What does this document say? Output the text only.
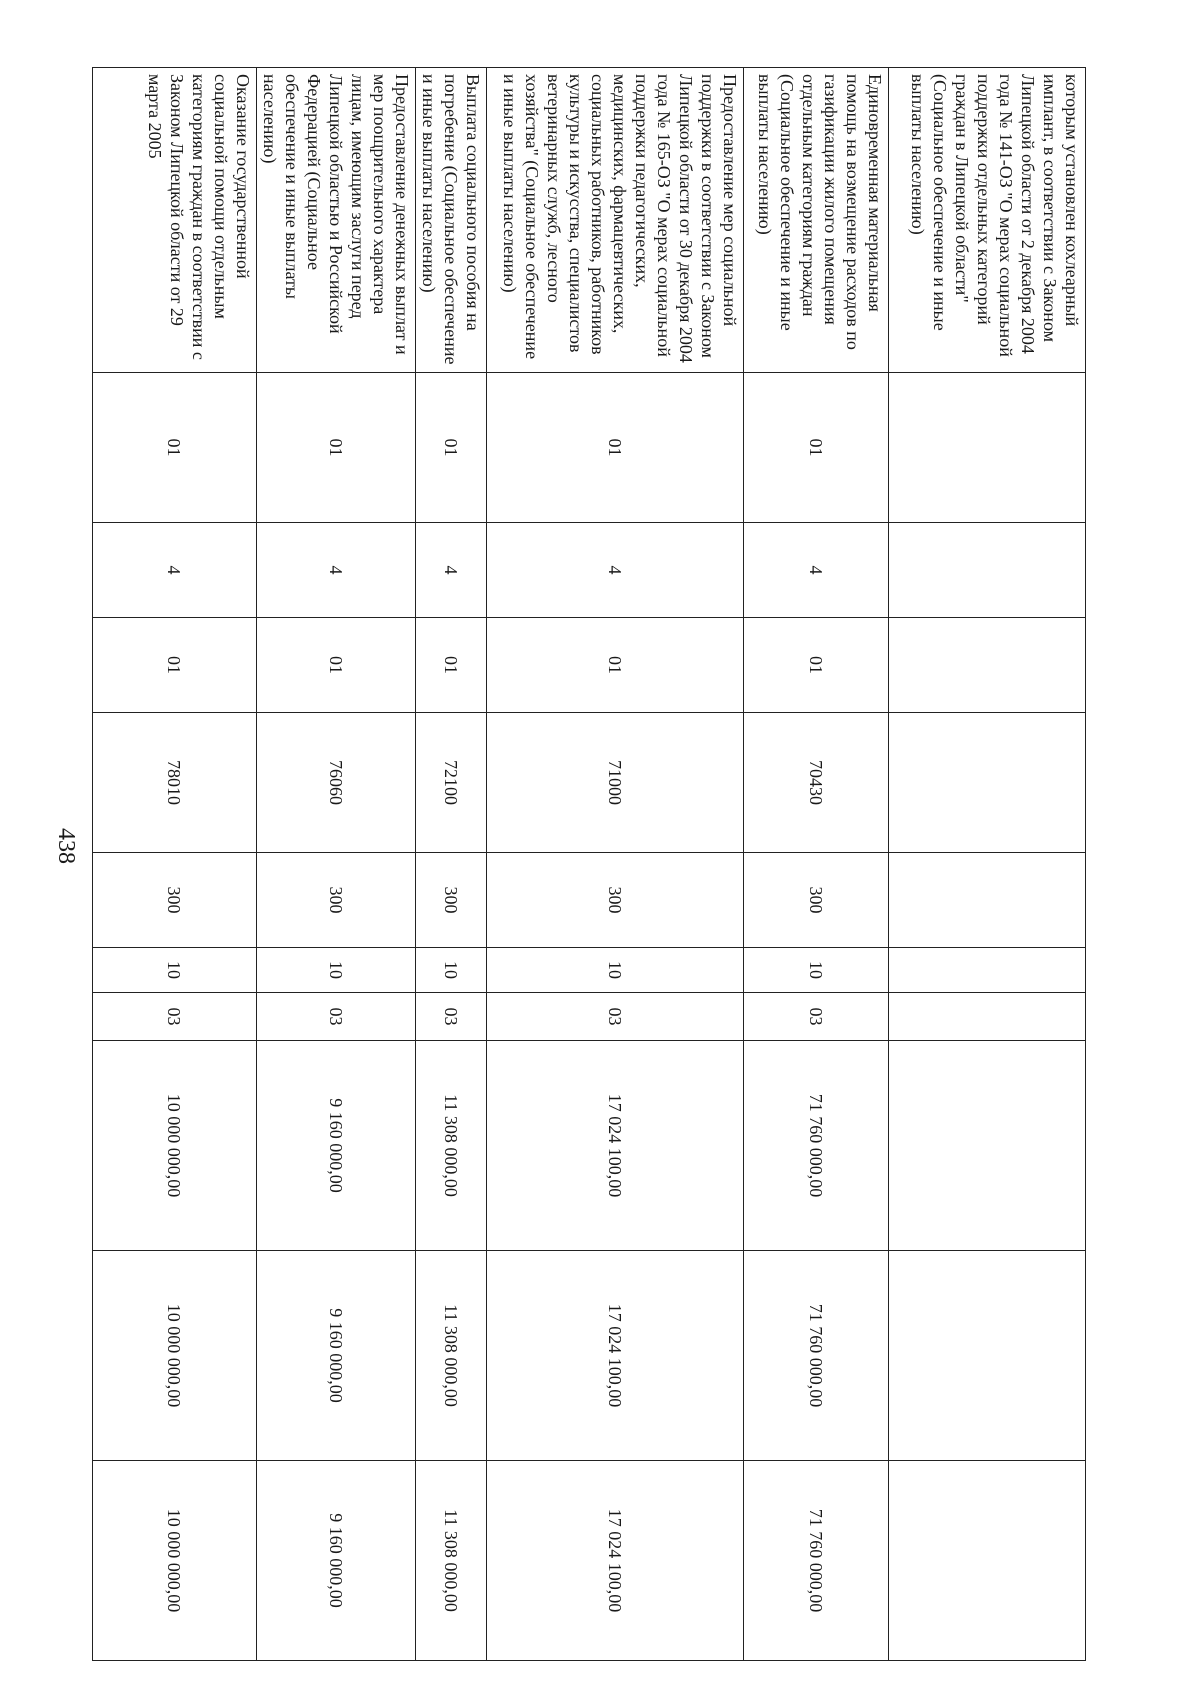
438
которым установлен кохлеарный имплант, в соответствии с Законом Липецкой области от 2 декабря 2004 года № 141-ОЗ "О мерах социальной поддержки отдельных категорий граждан в Липецкой области" (Социальное обеспечение и иные выплаты населению)										
Единовременная материальная помощь на возмещение расходов по газификации жилого помещения отдельным категориям граждан (Социальное обеспечение и иные выплаты населению)	01	4	01	70430	300	10	03	71 760 000,00	71 760 000,00	71 760 000,00
Предоставление мер социальной поддержки в соответствии с Законом Липецкой области от 30 декабря 2004 года № 165-ОЗ "О мерах социальной поддержки педагогических, медицинских, фармацевтических, социальных работников, работников культуры и искусства, специалистов ветеринарных служб, лесного хозяйства" (Социальное обеспечение и иные выплаты населению)	01	4	01	71000	300	10	03	17 024 100,00	17 024 100,00	17 024 100,00
Выплата социального пособия на погребение (Социальное обеспечение и иные выплаты населению)	01	4	01	72100	300	10	03	11 308 000,00	11 308 000,00	11 308 000,00
Предоставление денежных выплат и мер поощрительного характера лицам, имеющим заслуги перед Липецкой областью и Российской Федерацией (Социальное обеспечение и иные выплаты населению)	01	4	01	76060	300	10	03	9 160 000,00	9 160 000,00	9 160 000,00
Оказание государственной социальной помощи отдельным категориям граждан в соответствии с Законом Липецкой области от 29 марта 2005	01	4	01	78010	300	10	03	10 000 000,00	10 000 000,00	10 000 000,00
